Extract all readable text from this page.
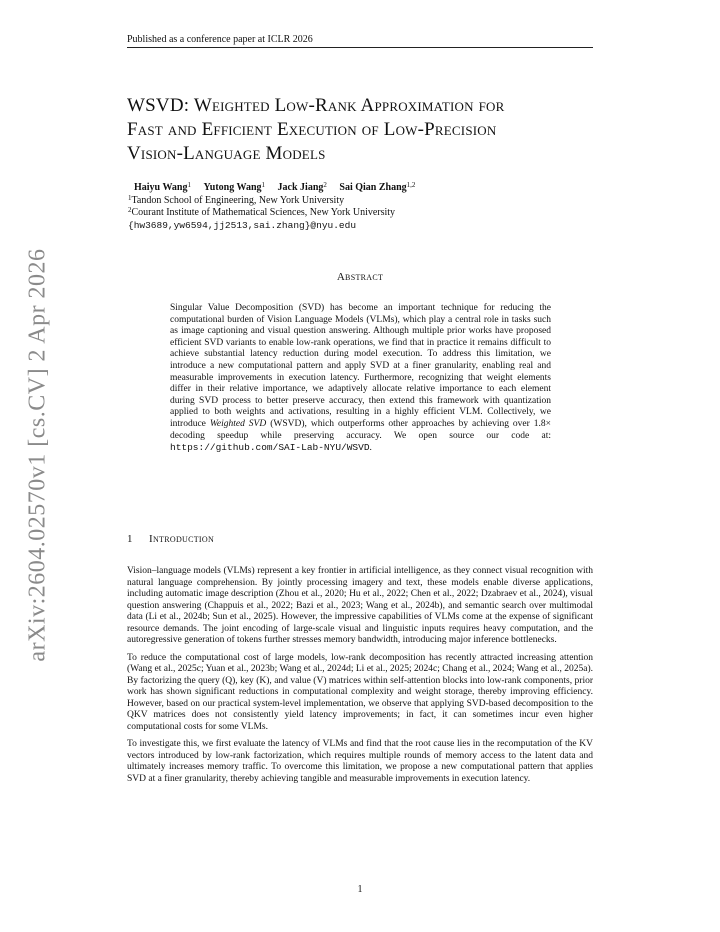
Published as a conference paper at ICLR 2026
WSVD: Weighted Low-Rank Approximation for
Fast and Efficient Execution of Low-Precision
Vision-Language Models
Haiyu Wang$^1$ Yutong Wang$^1$ Jack Jiang$^2$ Sai Qian Zhang$^{1,2}$
$^1$Tandon School of Engineering, New York University
$^2$Courant Institute of Mathematical Sciences, New York University
{hw3689,yw6594,jj2513,sai.zhang}@nyu.edu
Abstract
Singular Value Decomposition (SVD) has become an important technique for reducing the computational burden of Vision Language Models (VLMs), which play a central role in tasks such as image captioning and visual question answering. Although multiple prior works have proposed efficient SVD variants to enable low-rank operations, we find that in practice it remains difficult to achieve substantial latency reduction during model execution. To address this limitation, we introduce a new computational pattern and apply SVD at a finer granularity, enabling real and measurable improvements in execution latency. Furthermore, recognizing that weight elements differ in their relative importance, we adaptively allocate relative importance to each element during SVD process to better preserve accuracy, then extend this framework with quantization applied to both weights and activations, resulting in a highly efficient VLM. Collectively, we introduce Weighted SVD (WSVD), which outperforms other approaches by achieving over 1.8× decoding speedup while preserving accuracy. We open source our code at: https://github.com/SAI-Lab-NYU/WSVD.
1 Introduction

Vision–language models (VLMs) represent a key frontier in artificial intelligence, as they connect visual recognition with natural language comprehension. By jointly processing imagery and text, these models enable diverse applications, including automatic image description (Zhou et al., 2020; Hu et al., 2022; Chen et al., 2022; Dzabraev et al., 2024), visual question answering (Chappuis et al., 2022; Bazi et al., 2023; Wang et al., 2024b), and semantic search over multimodal data (Li et al., 2024b; Sun et al., 2025). However, the impressive capabilities of VLMs come at the expense of significant resource demands. The joint encoding of large-scale visual and linguistic inputs requires heavy computation, and the autoregressive generation of tokens further stresses memory bandwidth, introducing major inference bottlenecks.

To reduce the computational cost of large models, low-rank decomposition has recently attracted increasing attention (Wang et al., 2025c; Yuan et al., 2023b; Wang et al., 2024d; Li et al., 2025; 2024c; Chang et al., 2024; Wang et al., 2025a). By factorizing the query (Q), key (K), and value (V) matrices within self-attention blocks into low-rank components, prior work has shown significant reductions in computational complexity and weight storage, thereby improving efficiency. However, based on our practical system-level implementation, we observe that applying SVD-based decomposition to the QKV matrices does not consistently yield latency improvements; in fact, it can sometimes incur even higher computational costs for some VLMs.

To investigate this, we first evaluate the latency of VLMs and find that the root cause lies in the recomputation of the KV vectors introduced by low-rank factorization, which requires multiple rounds of memory access to the latent data and ultimately increases memory traffic. To overcome this limitation, we propose a new computational pattern that applies SVD at a finer granularity, thereby achieving tangible and measurable improvements in execution latency.

1
arXiv:2604.02570v1 [cs.CV] 2 Apr 2026
